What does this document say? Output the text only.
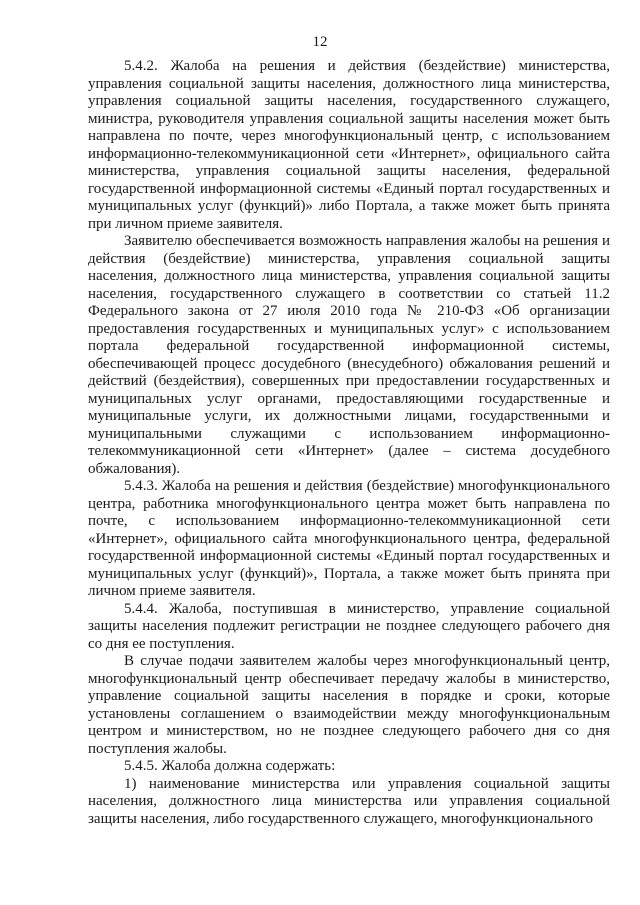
12

5.4.2. Жалоба на решения и действия (бездействие) министерства, управления социальной защиты населения, должностного лица министерства, управления социальной защиты населения, государственного служащего, министра, руководителя управления социальной защиты населения может быть направлена по почте, через многофункциональный центр, с использованием информационно-телекоммуникационной сети «Интернет», официального сайта министерства, управления социальной защиты населения, федеральной государственной информационной системы «Единый портал государственных и муниципальных услуг (функций)» либо Портала, а также может быть принята при личном приеме заявителя.

Заявителю обеспечивается возможность направления жалобы на решения и действия (бездействие) министерства, управления социальной защиты населения, должностного лица министерства, управления социальной защиты населения, государственного служащего в соответствии со статьей 11.2 Федерального закона от 27 июля 2010 года № 210-ФЗ «Об организации предоставления государственных и муниципальных услуг» с использованием портала федеральной государственной информационной системы, обеспечивающей процесс досудебного (внесудебного) обжалования решений и действий (бездействия), совершенных при предоставлении государственных и муниципальных услуг органами, предоставляющими государственные и муниципальные услуги, их должностными лицами, государственными и муниципальными служащими с использованием информационно-телекоммуникационной сети «Интернет» (далее – система досудебного обжалования).

5.4.3. Жалоба на решения и действия (бездействие) многофункционального центра, работника многофункционального центра может быть направлена по почте, с использованием информационно-телекоммуникационной сети «Интернет», официального сайта многофункционального центра, федеральной государственной информационной системы «Единый портал государственных и муниципальных услуг (функций)», Портала, а также может быть принята при личном приеме заявителя.

5.4.4. Жалоба, поступившая в министерство, управление социальной защиты населения подлежит регистрации не позднее следующего рабочего дня со дня ее поступления.

В случае подачи заявителем жалобы через многофункциональный центр, многофункциональный центр обеспечивает передачу жалобы в министерство, управление социальной защиты населения в порядке и сроки, которые установлены соглашением о взаимодействии между многофункциональным центром и министерством, но не позднее следующего рабочего дня со дня поступления жалобы.

5.4.5. Жалоба должна содержать:

1) наименование министерства или управления социальной защиты населения, должностного лица министерства или управления социальной защиты населения, либо государственного служащего, многофункционального
